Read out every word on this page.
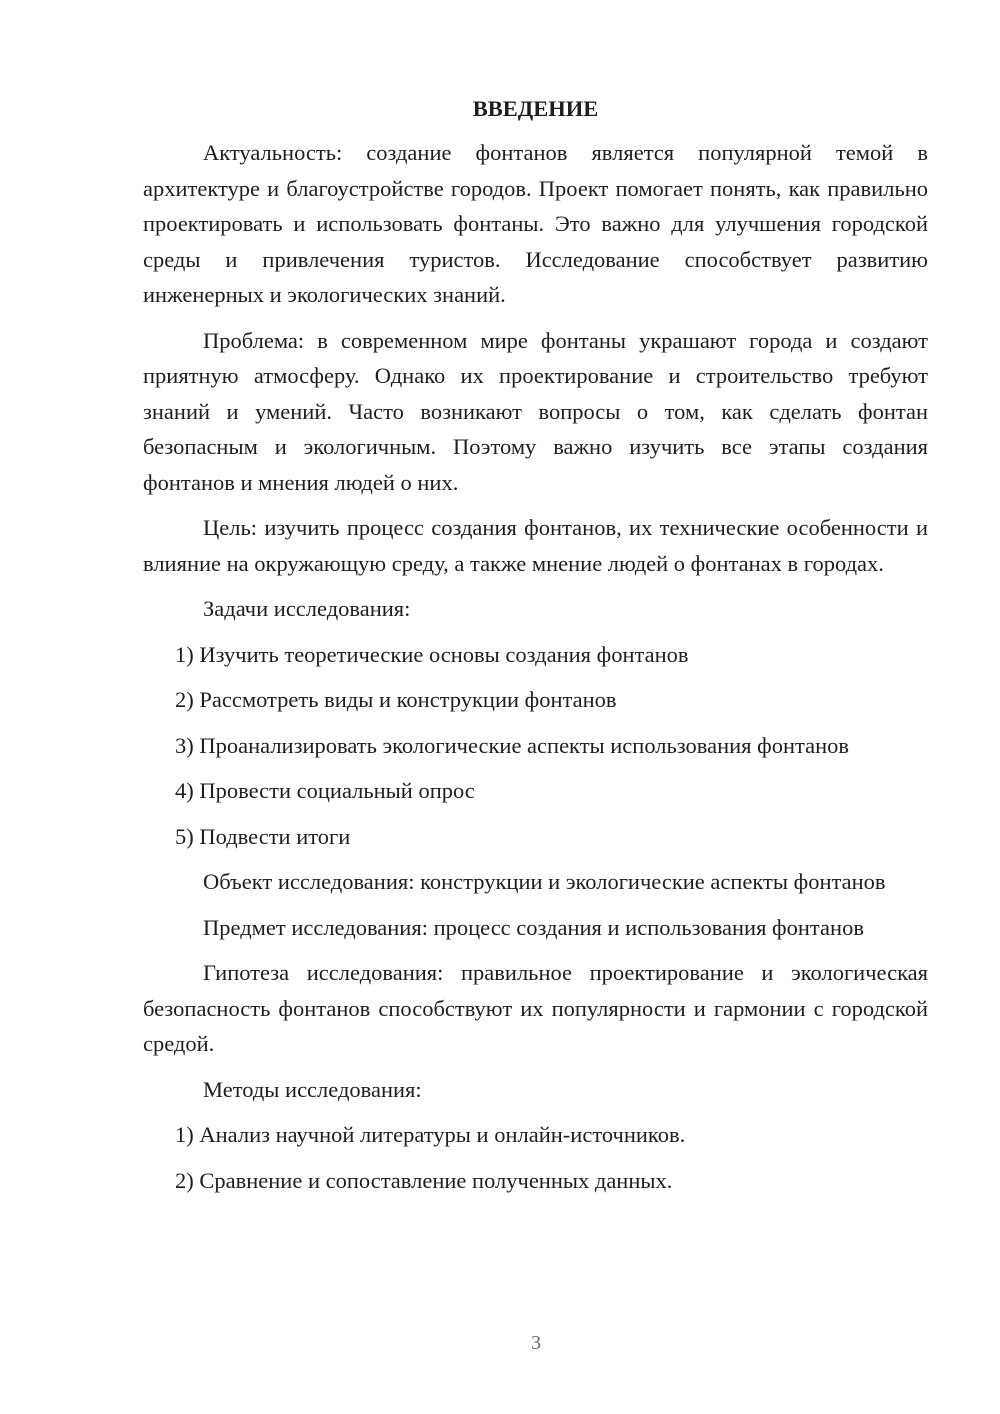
ВВЕДЕНИЕ

Актуальность: создание фонтанов является популярной темой в архитектуре и благоустройстве городов. Проект помогает понять, как правильно проектировать и использовать фонтаны. Это важно для улучшения городской среды и привлечения туристов. Исследование способствует развитию инженерных и экологических знаний.

Проблема: в современном мире фонтаны украшают города и создают приятную атмосферу. Однако их проектирование и строительство требуют знаний и умений. Часто возникают вопросы о том, как сделать фонтан безопасным и экологичным. Поэтому важно изучить все этапы создания фонтанов и мнения людей о них.

Цель: изучить процесс создания фонтанов, их технические особенности и влияние на окружающую среду, а также мнение людей о фонтанах в городах.

Задачи исследования:

1) Изучить теоретические основы создания фонтанов
2) Рассмотреть виды и конструкции фонтанов
3) Проанализировать экологические аспекты использования фонтанов
4) Провести социальный опрос
5) Подвести итоги

Объект исследования: конструкции и экологические аспекты фонтанов

Предмет исследования: процесс создания и использования фонтанов

Гипотеза исследования: правильное проектирование и экологическая безопасность фонтанов способствуют их популярности и гармонии с городской средой.

Методы исследования:

1) Анализ научной литературы и онлайн-источников.
2) Сравнение и сопоставление полученных данных.
3
